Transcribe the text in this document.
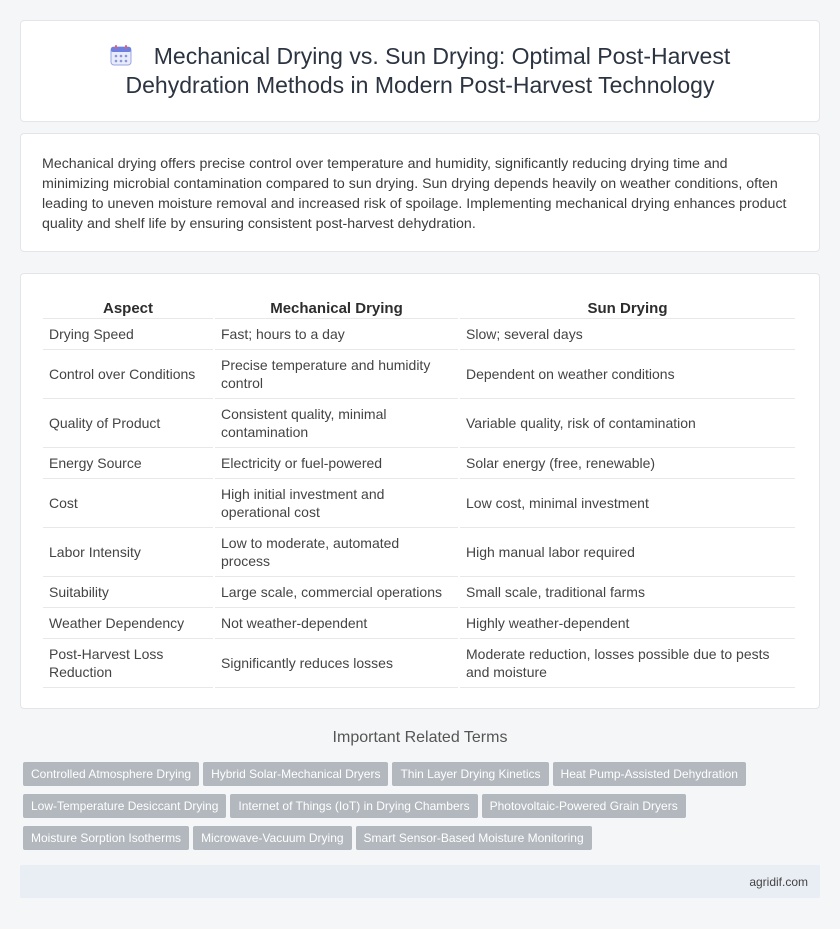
Mechanical Drying vs. Sun Drying: Optimal Post-Harvest Dehydration Methods in Modern Post-Harvest Technology

Mechanical drying offers precise control over temperature and humidity, significantly reducing drying time and minimizing microbial contamination compared to sun drying. Sun drying depends heavily on weather conditions, often leading to uneven moisture removal and increased risk of spoilage. Implementing mechanical drying enhances product quality and shelf life by ensuring consistent post-harvest dehydration.

Aspect	Mechanical Drying	Sun Drying
Drying Speed	Fast; hours to a day	Slow; several days
Control over Conditions	Precise temperature and humidity control	Dependent on weather conditions
Quality of Product	Consistent quality, minimal contamination	Variable quality, risk of contamination
Energy Source	Electricity or fuel-powered	Solar energy (free, renewable)
Cost	High initial investment and operational cost	Low cost, minimal investment
Labor Intensity	Low to moderate, automated process	High manual labor required
Suitability	Large scale, commercial operations	Small scale, traditional farms
Weather Dependency	Not weather-dependent	Highly weather-dependent
Post-Harvest Loss Reduction	Significantly reduces losses	Moderate reduction, losses possible due to pests and moisture
Important Related Terms
Controlled Atmosphere Drying Hybrid Solar-Mechanical Dryers Thin Layer Drying Kinetics Heat Pump-Assisted Dehydration
Low-Temperature Desiccant Drying Internet of Things (IoT) in Drying Chambers Photovoltaic-Powered Grain Dryers
Moisture Sorption Isotherms Microwave-Vacuum Drying Smart Sensor-Based Moisture Monitoring
agridif.com
